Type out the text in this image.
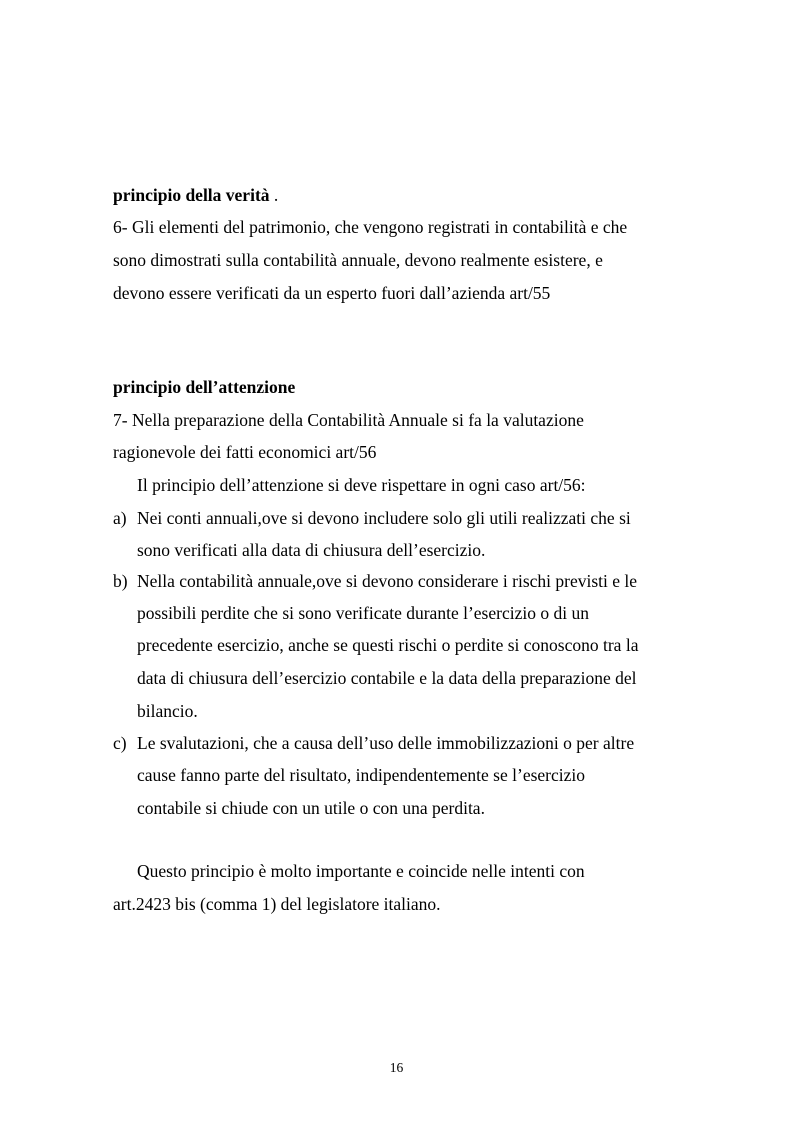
principio della verità .
6- Gli elementi del patrimonio, che vengono registrati in contabilità e che
sono dimostrati sulla contabilità annuale, devono realmente esistere, e
devono essere verificati da un esperto fuori dall’azienda art/55
principio dell’attenzione
7- Nella preparazione della Contabilità Annuale si fa la valutazione
ragionevole dei fatti economici art/56
Il principio dell’attenzione si deve rispettare in ogni caso art/56:
a) Nei conti annuali,ove si devono includere solo gli utili realizzati che si
sono verificati alla data di chiusura dell’esercizio.
b) Nella contabilità annuale,ove si devono considerare i rischi previsti e le
possibili perdite che si sono verificate durante l’esercizio o di un
precedente esercizio, anche se questi rischi o perdite si conoscono tra la
data di chiusura dell’esercizio contabile e la data della preparazione del
bilancio.
c) Le svalutazioni, che a causa dell’uso delle immobilizzazioni o per altre
cause fanno parte del risultato, indipendentemente se l’esercizio
contabile si chiude con un utile o con una perdita.
Questo principio è molto importante e coincide nelle intenti con
art.2423 bis (comma 1) del legislatore italiano.
16
